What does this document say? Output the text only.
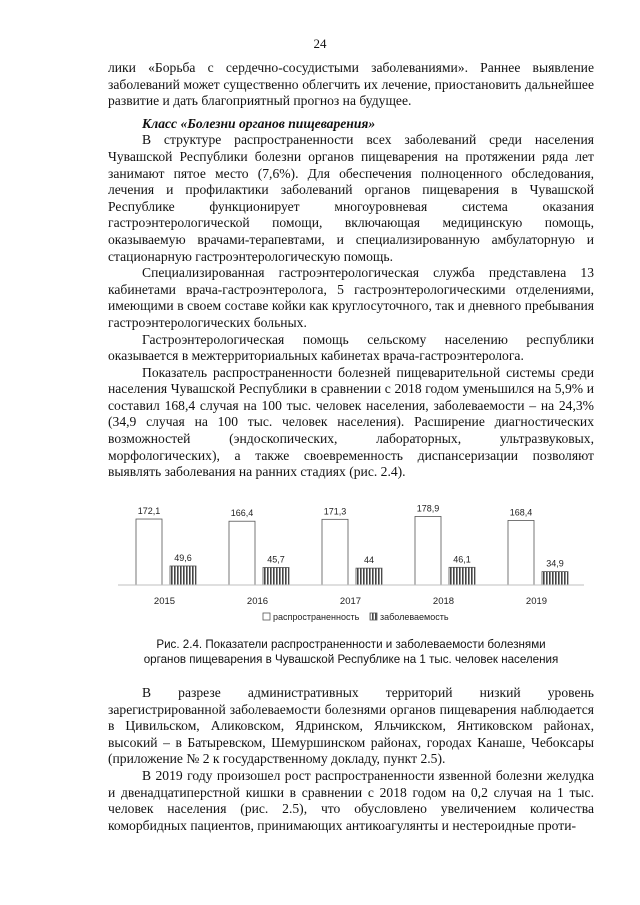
24

лики «Борьба с сердечно-сосудистыми заболеваниями». Раннее выявление заболеваний может существенно облегчить их лечение, приостановить дальнейшее развитие и дать благоприятный прогноз на будущее.

Класс «Болезни органов пищеварения»

В структуре распространенности всех заболеваний среди населения Чувашской Республики болезни органов пищеварения на протяжении ряда лет занимают пятое место (7,6%). Для обеспечения полноценного обследования, лечения и профилактики заболеваний органов пищеварения в Чувашской Республике функционирует многоуровневая система оказания гастроэнтерологической помощи, включающая медицинскую помощь, оказываемую врачами-терапевтами, и специализированную амбулаторную и стационарную гастроэнтерологическую помощь.

Специализированная гастроэнтерологическая служба представлена 13 кабинетами врача-гастроэнтеролога, 5 гастроэнтерологическими отделениями, имеющими в своем составе койки как круглосуточного, так и дневного пребывания гастроэнтерологических больных.

Гастроэнтерологическая помощь сельскому населению республики оказывается в межтерриториальных кабинетах врача-гастроэнтеролога.

Показатель распространенности болезней пищеварительной системы среди населения Чувашской Республики в сравнении с 2018 годом уменьшился на 5,9% и составил 168,4 случая на 100 тыс. человек населения, заболеваемости – на 24,3% (34,9 случая на 100 тыс. человек населения). Расширение диагностических возможностей (эндоскопических, лабораторных, ультразвуковых, морфологических), а также своевременность диспансеризации позволяют выявлять заболевания на ранних стадиях (рис. 2.4).

172,1
49,6
166,4
45,7
171,3
44
178,9
46,1
168,4
34,9
2015	2016	2017	2018	2019
распространенность заболеваемость
Рис. 2.4. Показатели распространенности и заболеваемости болезнями
органов пищеварения в Чувашской Республике на 1 тыс. человек населения

В разрезе административных территорий низкий уровень зарегистрированной заболеваемости болезнями органов пищеварения наблюдается в Цивильском, Аликовском, Ядринском, Яльчикском, Янтиковском районах, высокий – в Батыревском, Шемуршинском районах, городах Канаше, Чебоксары (приложение № 2 к государственному докладу, пункт 2.5).

В 2019 году произошел рост распространенности язвенной болезни желудка и двенадцатиперстной кишки в сравнении с 2018 годом на 0,2 случая на 1 тыс. человек населения (рис. 2.5), что обусловлено увеличением количества коморбидных пациентов, принимающих антикоагулянты и нестероидные проти-
